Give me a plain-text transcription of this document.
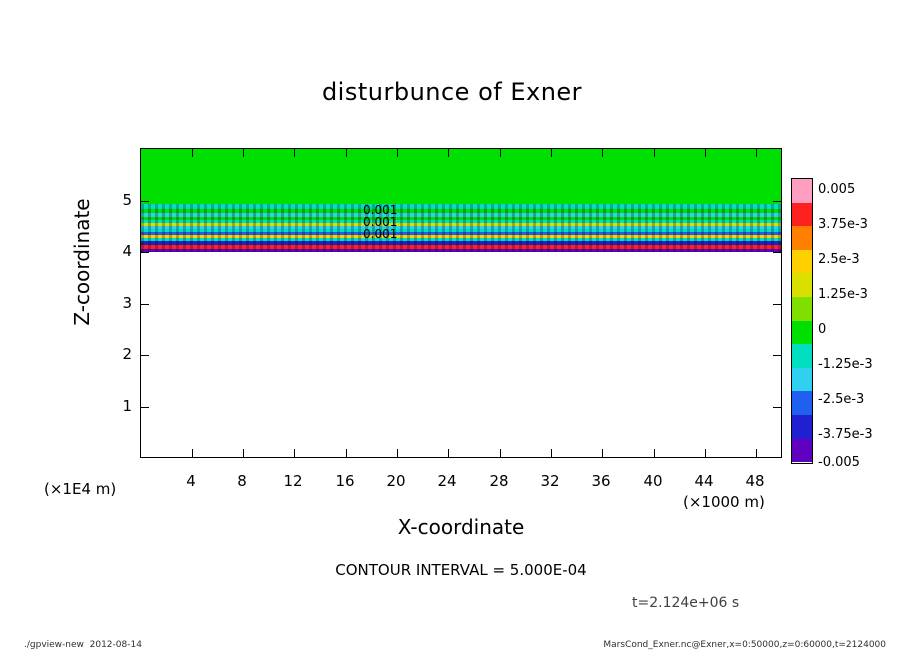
disturbunce of Exner
0.001
0.001
0.001
4	8	12	16	20	24	28	32	36	40	44	48
1
2
3
4
5
Z-coordinate
X-coordinate
(×1E4 m)
(×1000 m)
CONTOUR INTERVAL = 5.000E-04
t=2.124e+06 s
0.005
3.75e-3
2.5e-3
1.25e-3
0
-1.25e-3
-2.5e-3
-3.75e-3
-0.005
./gpview-new  2012-08-14	MarsCond_Exner.nc@Exner,x=0:50000,z=0:60000,t=2124000
